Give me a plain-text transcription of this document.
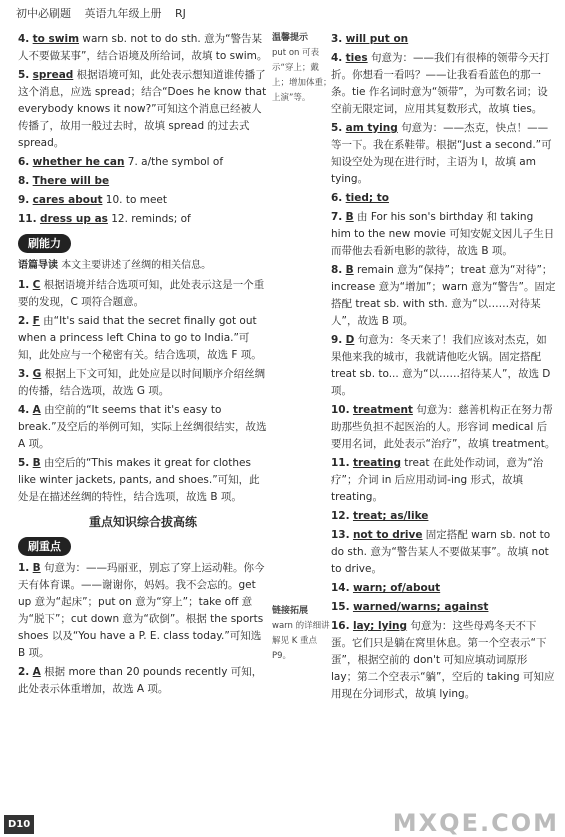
初中必刷题 英语九年级上册 RJ

4. to swim warn sb. not to do sth. 意为“警告某人不要做某事”，结合语境及所给词，故填 to swim。

5. spread 根据语境可知，此处表示想知道谁传播了这个消息，应选 spread；结合“Does he know that everybody knows it now?”可知这个消息已经被人传播了，故用一般过去时，故填 spread 的过去式 spread。

6. whether he can 7. a/the symbol of

8. There will be

9. cares about 10. to meet

11. dress up as 12. reminds; of

刷能力

语篇导读 本文主要讲述了丝绸的相关信息。

1. C 根据语境并结合选项可知，此处表示这是一个重要的发现，C 项符合题意。

2. F 由“It's said that the secret finally got out when a princess left China to go to India.”可知，此处应与一个秘密有关。结合选项，故选 F 项。

3. G 根据上下文可知，此处应是以时间顺序介绍丝绸的传播，结合选项，故选 G 项。

4. A 由空前的“It seems that it's easy to break.”及空后的举例可知，实际上丝绸很结实，故选 A 项。

5. B 由空后的“This makes it great for clothes like winter jackets, pants, and shoes.”可知，此处是在描述丝绸的特性，结合选项，故选 B 项。

重点知识综合拔高练
刷重点

1. B 句意为：——玛丽亚，别忘了穿上运动鞋。你今天有体育课。——谢谢你，妈妈。我不会忘的。get up 意为“起床”；put on 意为“穿上”；take off 意为“脱下”；cut down 意为“砍倒”。根据 the sports shoes 以及“You have a P. E. class today.”可知选 B 项。

2. A 根据 more than 20 pounds recently 可知，此处表示体重增加，故选 A 项。

温馨提示
put on 可表示“穿上；戴上；增加体重；上演”等。
链接拓展
warn 的详细讲解见 K 重点 P9。

3. will put on

4. ties 句意为：——我们有很棒的领带今天打折。你想看一看吗？——让我看看蓝色的那一条。tie 作名词时意为“领带”，为可数名词；设空前无限定词，应用其复数形式，故填 ties。

5. am tying 句意为：——杰克，快点！——等一下。我在系鞋带。根据“Just a second.”可知设空处为现在进行时，主语为 I，故填 am tying。

6. tied; to

7. B 由 For his son's birthday 和 taking him to the new movie 可知安妮文因儿子生日而带他去看新电影的款待，故选 B 项。

8. B remain 意为“保持”；treat 意为“对待”；increase 意为“增加”；warn 意为“警告”。固定搭配 treat sb. with sth. 意为“以……对待某人”，故选 B 项。

9. D 句意为：冬天来了！我们应该对杰克，如果他来我的城市，我就请他吃火锅。固定搭配 treat sb. to... 意为“以……招待某人”，故选 D 项。

10. treatment 句意为：慈善机构正在努力帮助那些负担不起医治的人。形容词 medical 后要用名词，此处表示“治疗”，故填 treatment。

11. treating treat 在此处作动词，意为“治疗”；介词 in 后应用动词-ing 形式，故填 treating。

12. treat; as/like

13. not to drive 固定搭配 warn sb. not to do sth. 意为“警告某人不要做某事”。故填 not to drive。

14. warn; of/about

15. warned/warns; against

16. lay; lying 句意为：这些母鸡冬天不下蛋。它们只是躺在窝里休息。第一个空表示“下蛋”，根据空前的 don't 可知应填动词原形 lay；第二个空表示“躺”，空后的 taking 可知应用现在分词形式，故填 lying。

D10	MXQE.COM
